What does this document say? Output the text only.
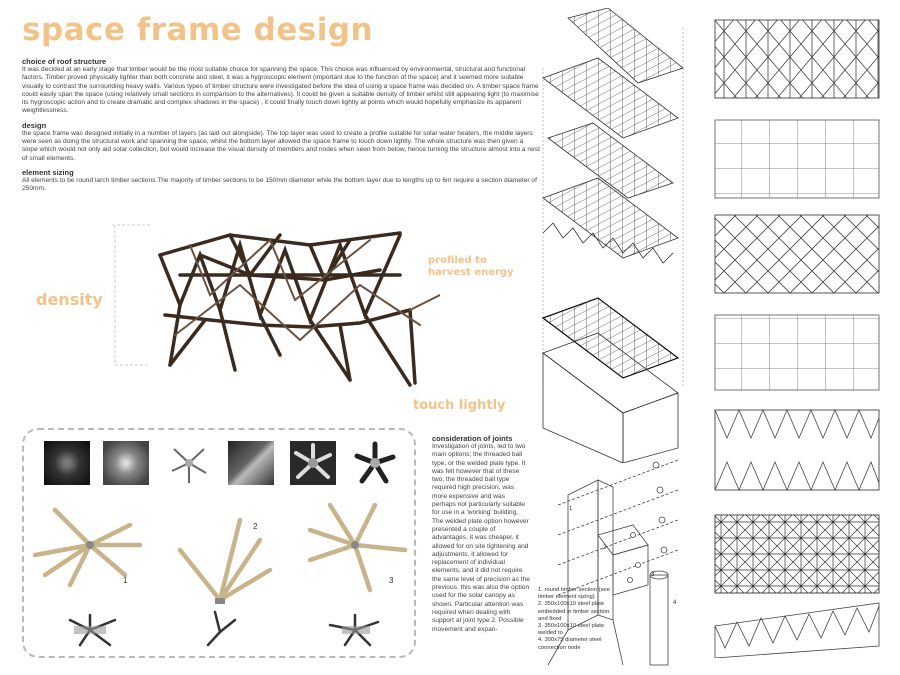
space frame design
choice of roof structure

It was decided at an early stage that timber would be the most suitable choice for spanning the space. This choice was influenced by environmental, structural and functional factors. Timber proved physically lighter than both concrete and steel, it was a hygroscopic element (important due to the function of the space) and it seemed more suitable visually to contrast the surrounding heavy walls. Various types of timber structure were investigated before the idea of using a space frame was decided on. A timber space frame could easily span the space (using relatively small sections in comparison to the alternatives). It could be given a suitable density of timber whilst still appearing light (to maximise its hygroscopic action and to create dramatic and complex shadows in the space) , it could finally touch down lightly at points which would hopefully emphasize its apparent weightlessness.

design

the space frame was designed initially in a number of layers (as laid out alongside). The top layer was used to create a profile suitable for solar water heaters, the middle layers were seen as doing the structural work and spanning the space, whilst the bottom layer allowed the space frame to touch down lightly. The whole structure was then given a slope which would not only aid solar collection, but would increase the visual density of members and nodes when seen from below, hence turning the structure almost into a nest of small elements.

element sizing

All elements to be round larch timber sections.The majority of timber sections to be 150mm diameter while the bottom layer due to lengths up to 6m require a section diameter of 250mm.

density
profiled to
harvest energy
touch lightly
1
2
3
consideration of joints

Investigation of joints, led to two main options; the threaded ball type, or the welded plate type. It was felt however that of these two, the threaded ball type required high precision, was more expensive and was perhaps not particularly suitable for use in a 'working' building. The welded plate option however presented a couple of advantages, it was cheaper, it allowed for on site tightening and adjustments, it allowed for replacement of individual elements, and it did not require the same level of precision as the previous. this was also the option used for the solar canopy as shown. Particular attention was required when dealing with support at joint type 2. Possible movement and expan-

1
2
3
4
1. round timber section (see timber element sizing)
2. 350x100x10 steel plate embedded in timber section and fixed
3. 350x100x10 steel plate welded to
4. 300x75 diameter steel connection node
